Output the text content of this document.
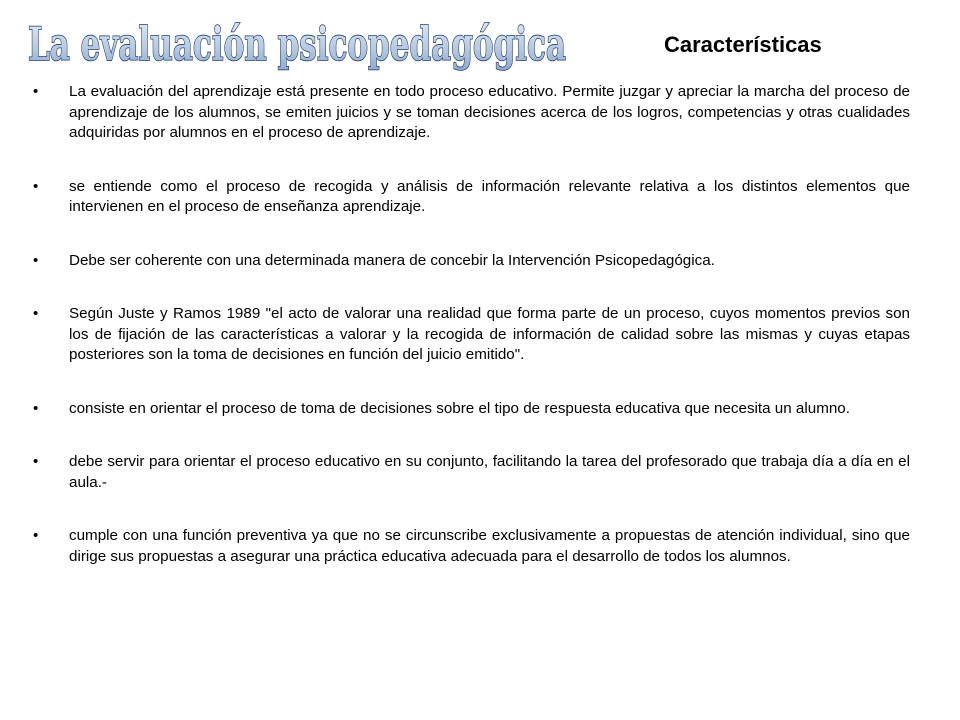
La evaluación psicopedagógica	Características
• La evaluación del aprendizaje está presente en todo proceso educativo. Permite juzgar y apreciar la marcha del proceso de aprendizaje de los alumnos, se emiten juicios y se toman decisiones acerca de los logros, competencias y otras cualidades adquiridas por alumnos en el proceso de aprendizaje.
• se entiende como el proceso de recogida y análisis de información relevante relativa a los distintos elementos que intervienen en el proceso de enseñanza aprendizaje.
• Debe ser coherente con una determinada manera de concebir la Intervención Psicopedagógica.
• Según Juste y Ramos 1989 "el acto de valorar una realidad que forma parte de un proceso, cuyos momentos previos son los de fijación de las características a valorar y la recogida de información de calidad sobre las mismas y cuyas etapas posteriores son la toma de decisiones en función del juicio emitido".
• consiste en orientar el proceso de toma de decisiones sobre el tipo de respuesta educativa que necesita un alumno.
• debe servir para orientar el proceso educativo en su conjunto, facilitando la tarea del profesorado que trabaja día a día en el aula.-
• cumple con una función preventiva ya que no se circunscribe exclusivamente a propuestas de atención individual, sino que dirige sus propuestas a asegurar una práctica educativa adecuada para el desarrollo de todos los alumnos.
